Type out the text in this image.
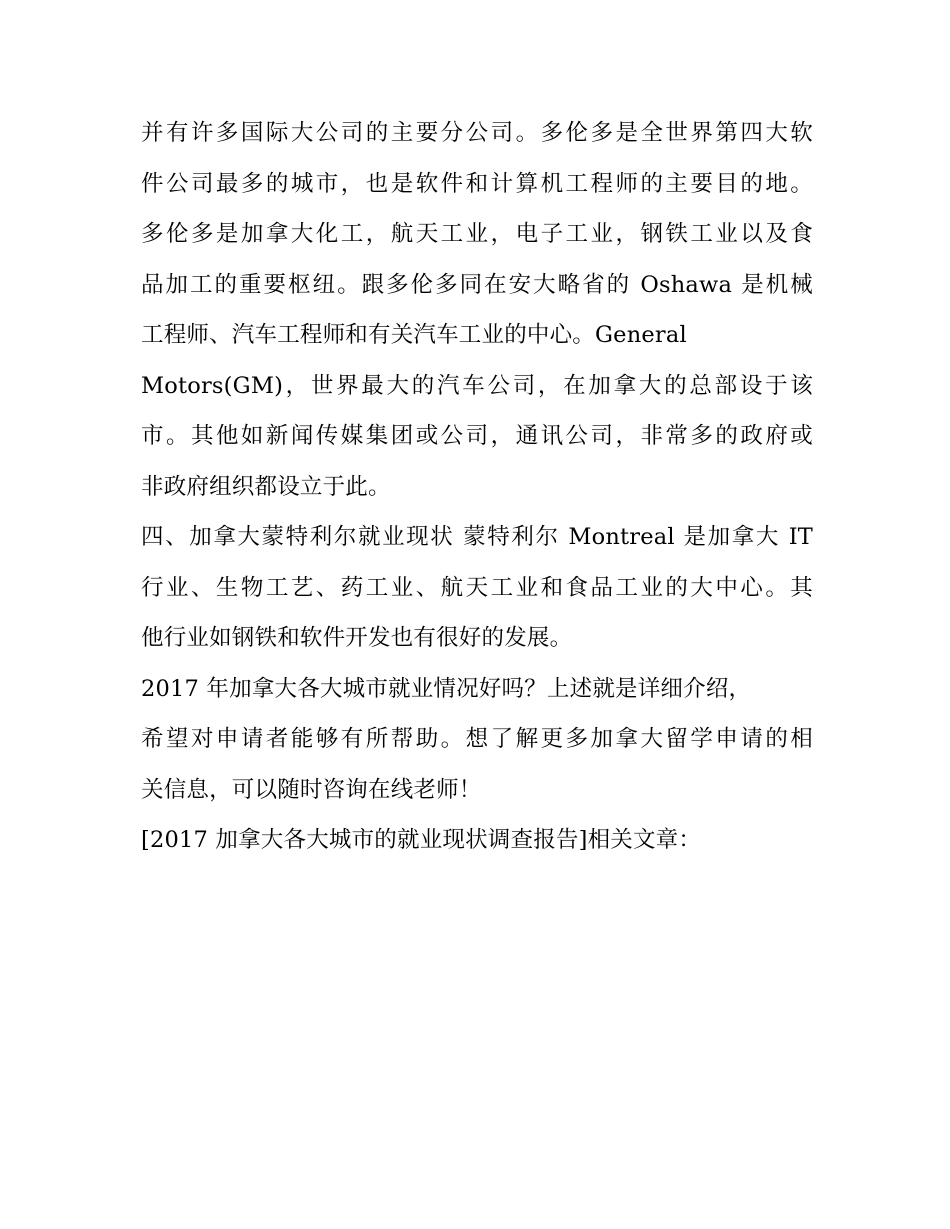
并有许多国际大公司的主要分公司。多伦多是全世界第四大软
件公司最多的城市，也是软件和计算机工程师的主要目的地。
多伦多是加拿大化工，航天工业，电子工业，钢铁工业以及食
品加工的重要枢纽。跟多伦多同在安大略省的 Oshawa 是机械
工程师、汽车工程师和有关汽车工业的中心。General
Motors(GM)，世界最大的汽车公司，在加拿大的总部设于该
市。其他如新闻传媒集团或公司，通讯公司，非常多的政府或
非政府组织都设立于此。
四、加拿大蒙特利尔就业现状 蒙特利尔 Montreal 是加拿大 IT
行业、生物工艺、药工业、航天工业和食品工业的大中心。其
他行业如钢铁和软件开发也有很好的发展。
2017 年加拿大各大城市就业情况好吗？上述就是详细介绍，
希望对申请者能够有所帮助。想了解更多加拿大留学申请的相
关信息，可以随时咨询在线老师！
[2017 加拿大各大城市的就业现状调查报告]相关文章：
